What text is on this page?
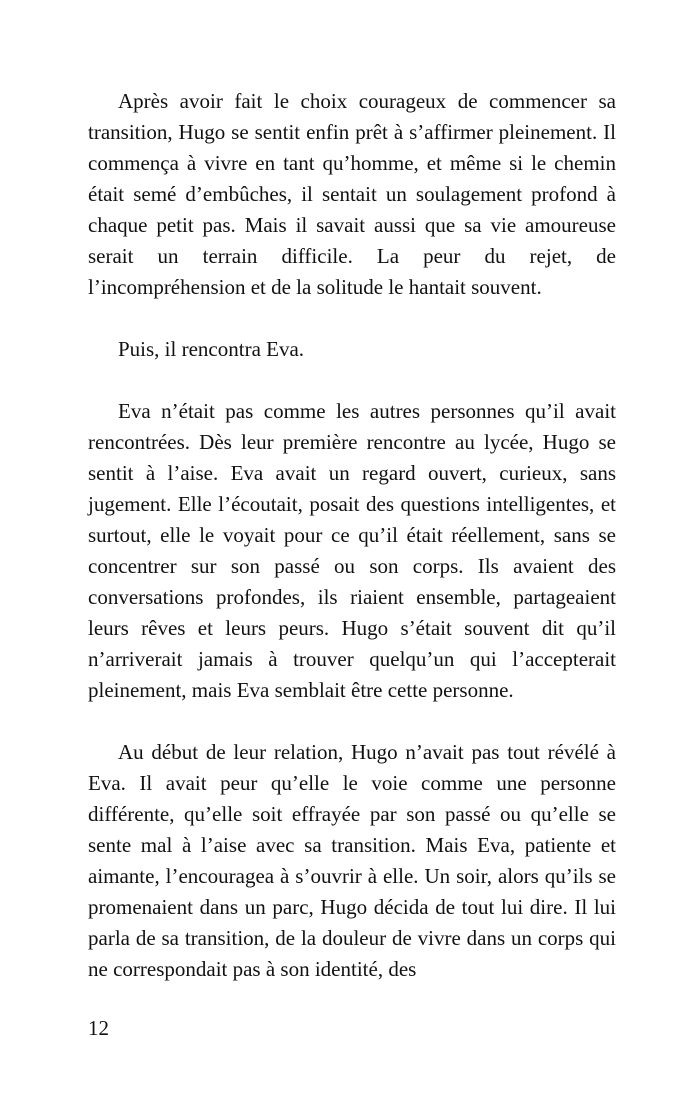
Après avoir fait le choix courageux de commencer sa transition, Hugo se sentit enfin prêt à s’affirmer pleinement. Il commença à vivre en tant qu’homme, et même si le chemin était semé d’embûches, il sentait un soulagement profond à chaque petit pas. Mais il savait aussi que sa vie amoureuse serait un terrain difficile. La peur du rejet, de l’incompréhension et de la solitude le hantait souvent.

Puis, il rencontra Eva.

Eva n’était pas comme les autres personnes qu’il avait rencontrées. Dès leur première rencontre au lycée, Hugo se sentit à l’aise. Eva avait un regard ouvert, curieux, sans jugement. Elle l’écoutait, posait des questions intelligentes, et surtout, elle le voyait pour ce qu’il était réellement, sans se concentrer sur son passé ou son corps. Ils avaient des conversations profondes, ils riaient ensemble, partageaient leurs rêves et leurs peurs. Hugo s’était souvent dit qu’il n’arriverait jamais à trouver quelqu’un qui l’accepterait pleinement, mais Eva semblait être cette personne.

Au début de leur relation, Hugo n’avait pas tout révélé à Eva. Il avait peur qu’elle le voie comme une personne différente, qu’elle soit effrayée par son passé ou qu’elle se sente mal à l’aise avec sa transition. Mais Eva, patiente et aimante, l’encouragea à s’ouvrir à elle. Un soir, alors qu’ils se promenaient dans un parc, Hugo décida de tout lui dire. Il lui parla de sa transition, de la douleur de vivre dans un corps qui ne correspondait pas à son identité, des

12
